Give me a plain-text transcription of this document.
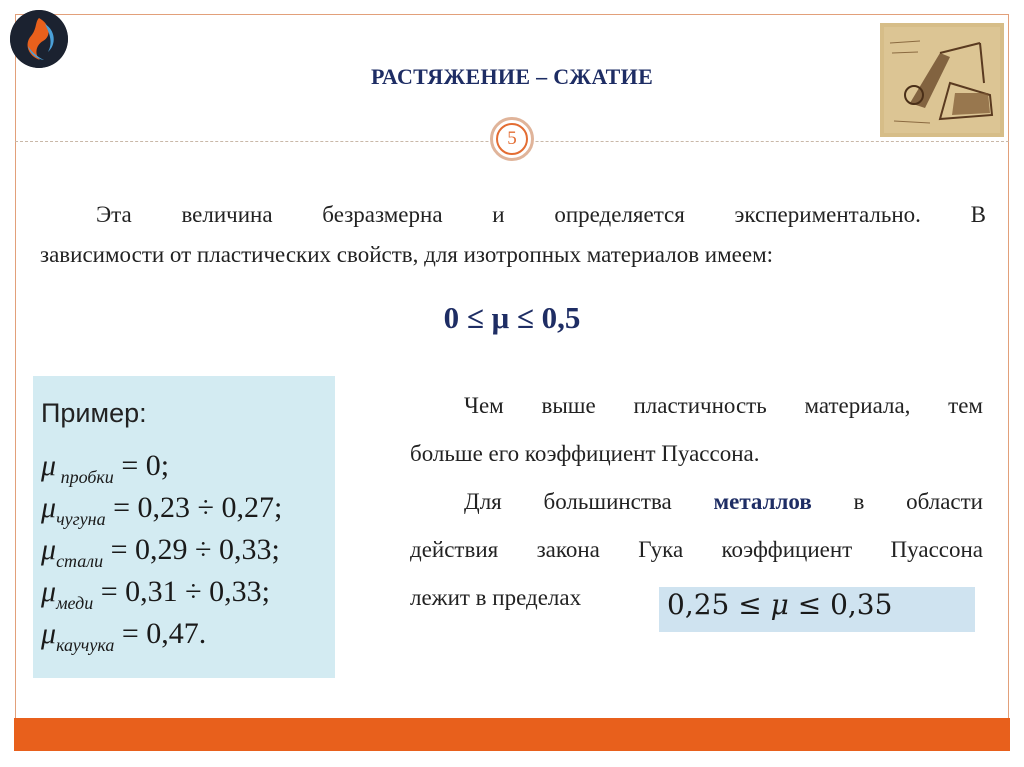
РАСТЯЖЕНИЕ – СЖАТИЕ
5
Эта величина безразмерна и определяется экспериментально. В
зависимости от пластических свойств, для изотропных материалов имеем:
0 ≤ μ ≤ 0,5
Пример:
μ $_{пробки}$ = 0;
$\mu_{чугуна} = 0,23 \div 0,27$;
$\mu_{стали} = 0,29 \div 0,33$;
$\mu_{меди} = 0,31 \div 0,33$;
$\mu_{каучука} = 0,47$.

Чем выше пластичность материала, тем
больше его коэффициент Пуассона.

Для большинства металлов в области
действия закона Гука коэффициент Пуассона
лежит в пределах	0,25 ≤ μ ≤ 0,35
